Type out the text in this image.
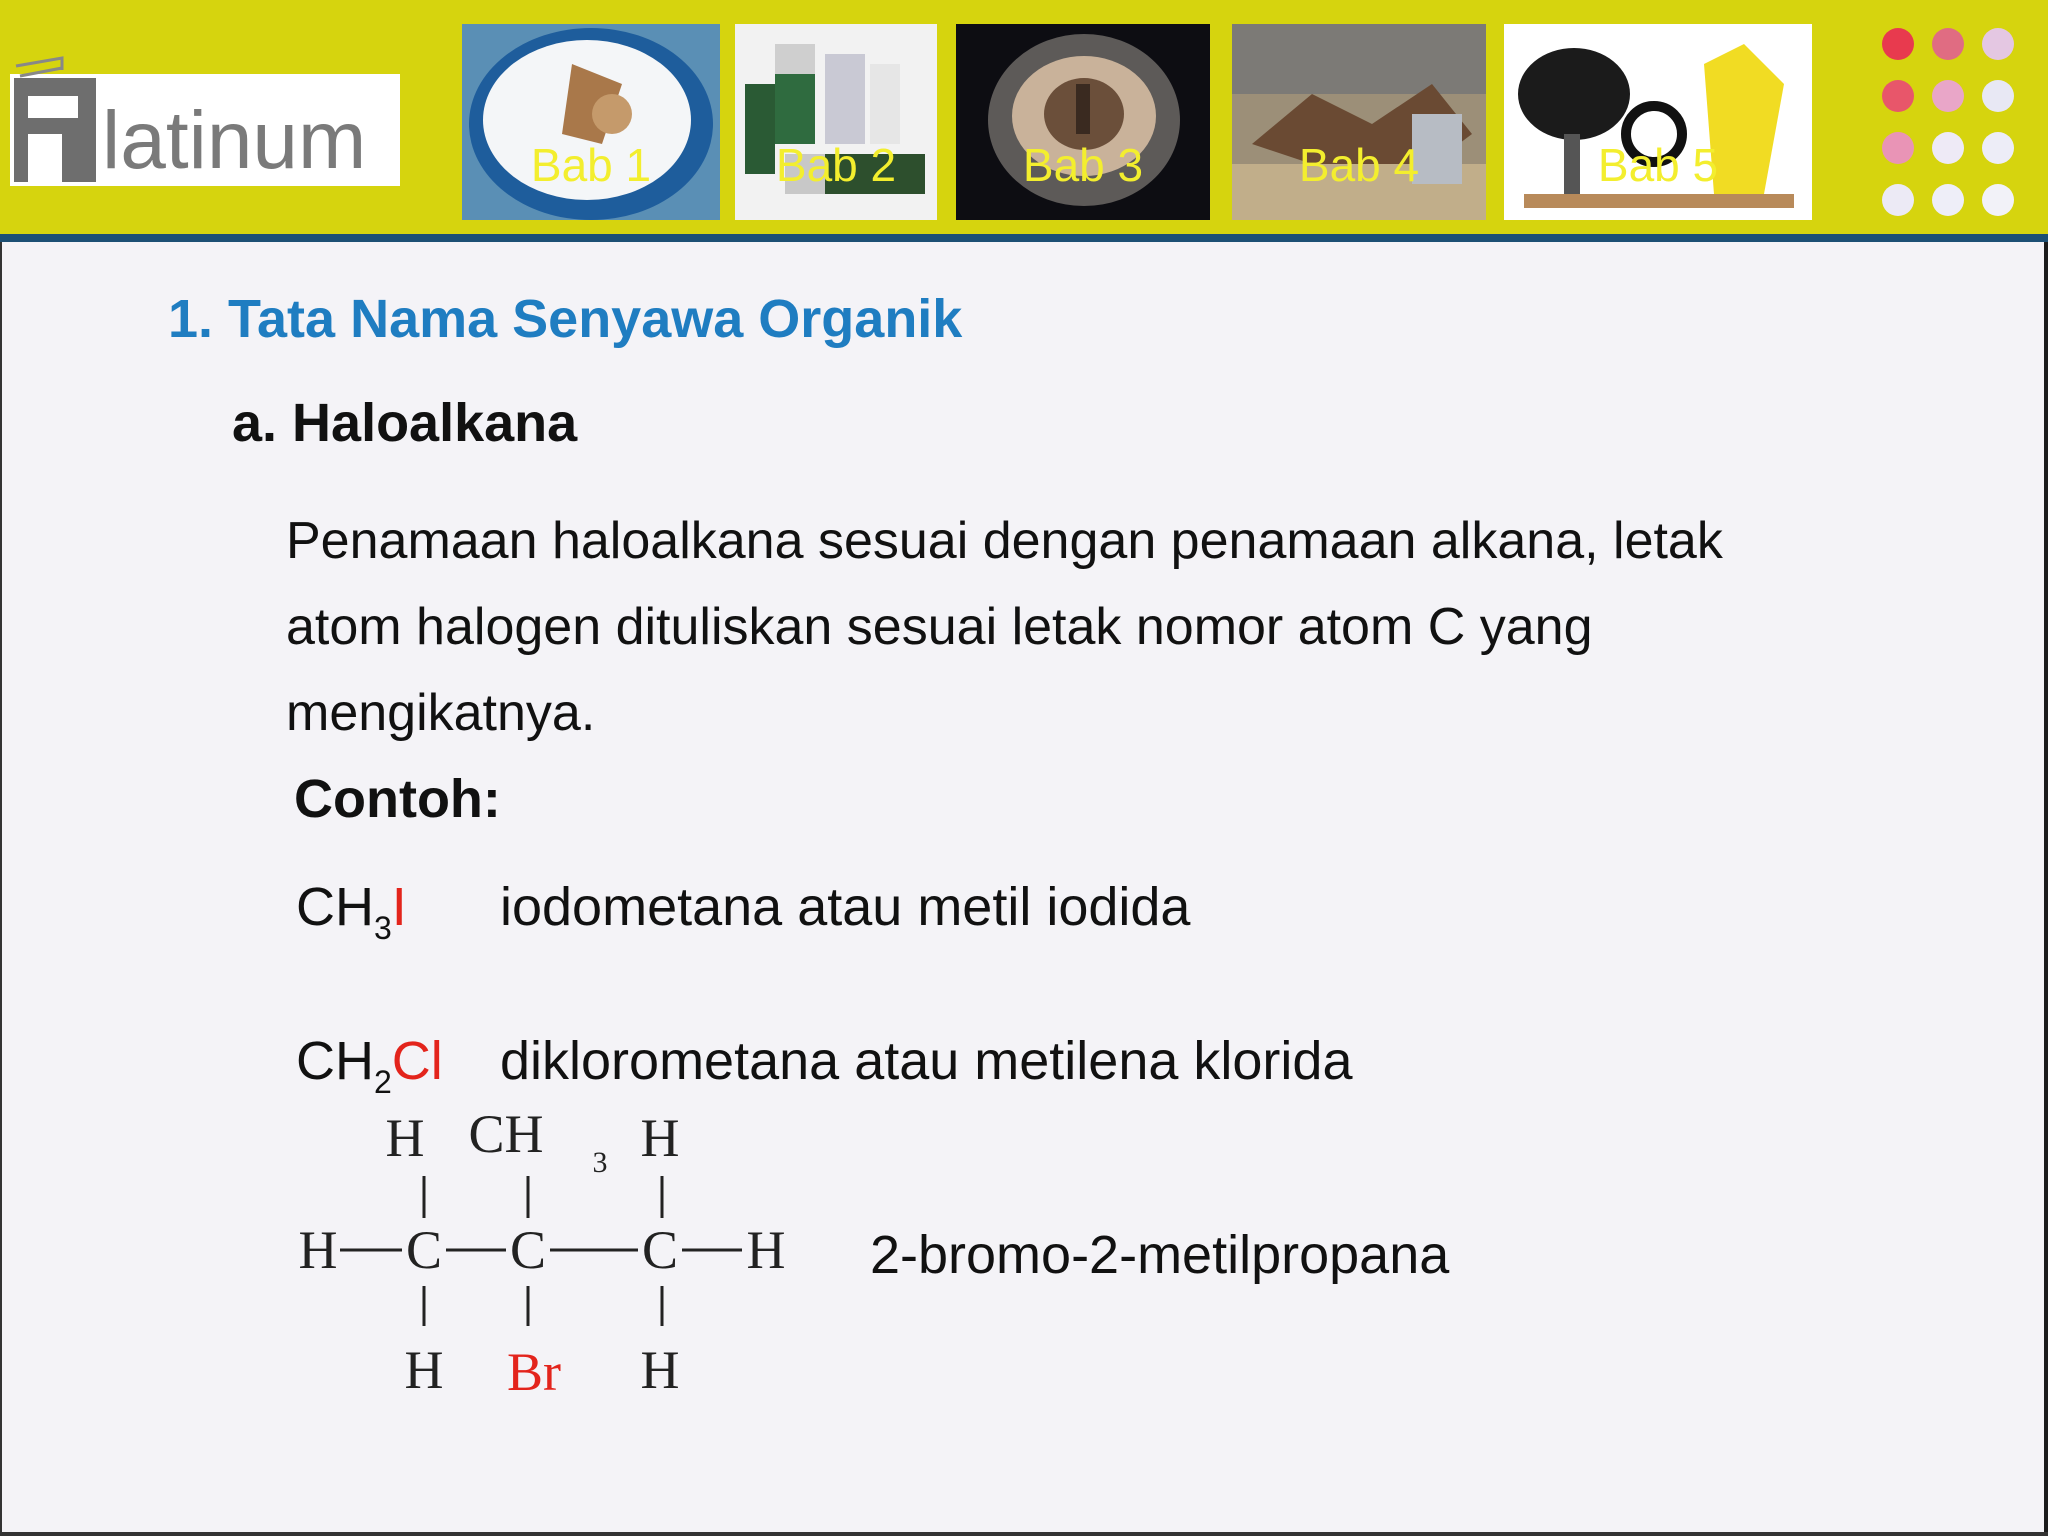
latinum	Bab 1	Bab 2	Bab 3	Bab 4	Bab 5
1. Tata Nama Senyawa Organik
a. Haloalkana
Penamaan haloalkana sesuai dengan penamaan alkana, letak
atom halogen dituliskan sesuai letak nomor atom C yang
mengikatnya.
Contoh:
$CH_3I$ iodometana atau metil iodida
$CH_2Cl$ diklorometana atau metilena klorida
H CH 3 H
H C C C H
H Br H
2-bromo-2-metilpropana
